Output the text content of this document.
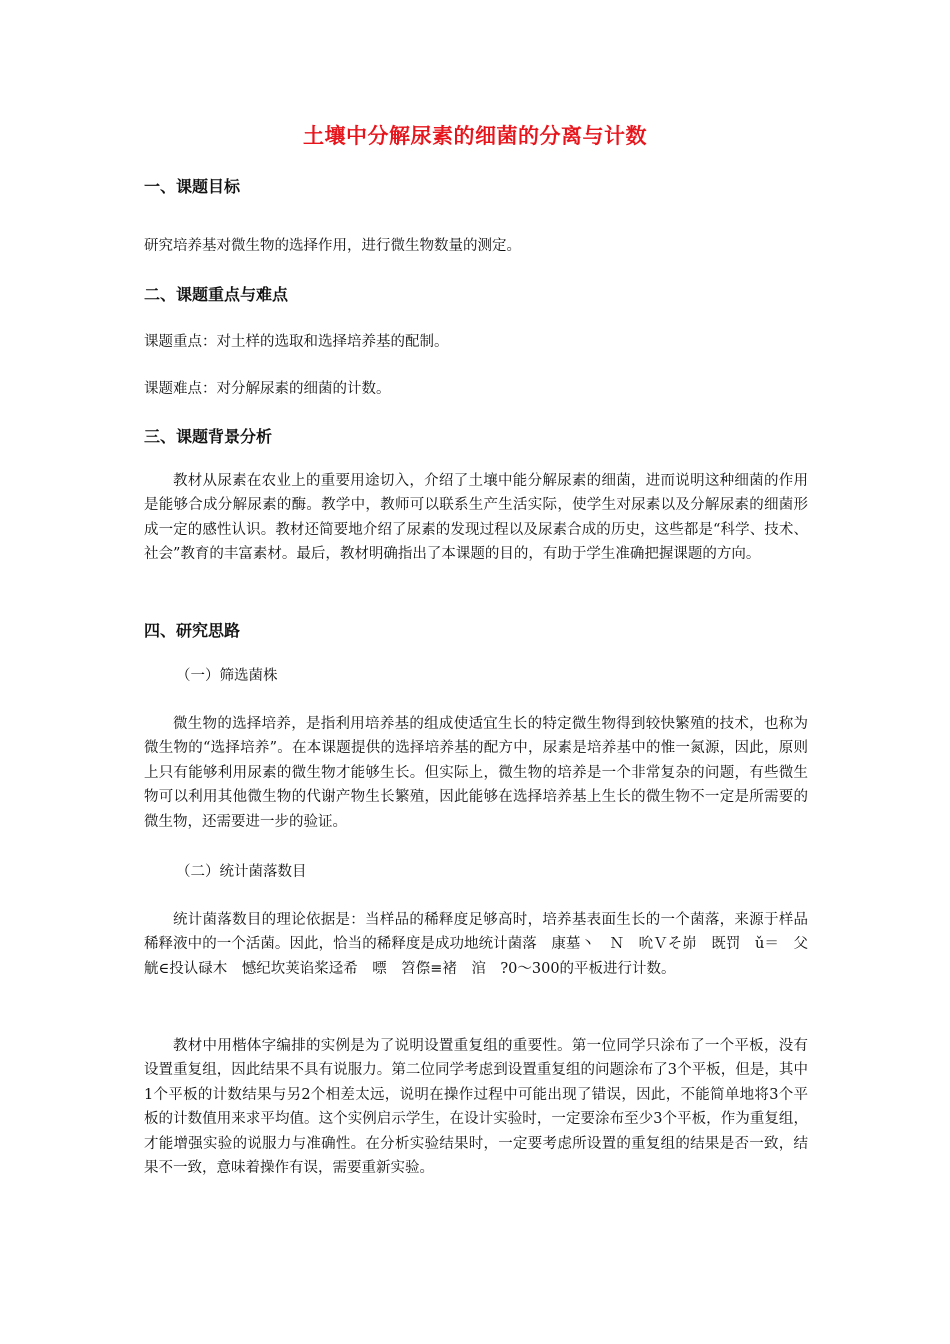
土壤中分解尿素的细菌的分离与计数
一、课题目标
研究培养基对微生物的选择作用，进行微生物数量的测定。
二、课题重点与难点
课题重点：对土样的选取和选择培养基的配制。
课题难点：对分解尿素的细菌的计数。
三、课题背景分析
教材从尿素在农业上的重要用途切入，介绍了土壤中能分解尿素的细菌，进而说明这种细菌的作用是能够合成分解尿素的酶。教学中，教师可以联系生产生活实际，使学生对尿素以及分解尿素的细菌形成一定的感性认识。教材还简要地介绍了尿素的发现过程以及尿素合成的历史，这些都是“科学、技术、社会”教育的丰富素材。最后，教材明确指出了本课题的目的，有助于学生准确把握课题的方向。
四、研究思路
（一）筛选菌株
微生物的选择培养，是指利用培养基的组成使适宜生长的特定微生物得到较快繁殖的技术，也称为微生物的“选择培养”。在本课题提供的选择培养基的配方中，尿素是培养基中的惟一氮源，因此，原则上只有能够利用尿素的微生物才能够生长。但实际上，微生物的培养是一个非常复杂的问题，有些微生物可以利用其他微生物的代谢产物生长繁殖，因此能够在选择培养基上生长的微生物不一定是所需要的微生物，还需要进一步的验证。
（二）统计菌落数目
统计菌落数目的理论依据是：当样品的稀释度足够高时，培养基表面生长的一个菌落，来源于样品稀释液中的一个活菌。因此，恰当的稀释度是成功地统计菌落　康墓丶　Ｎ　吮Ｖそ峁　既罚　ǔ＝　父觥∈投认碌木　憾纪坎荚谄桨迳希　嘌　笤傺≡褚　涫　?0～300的平板进行计数。
教材中用楷体字编排的实例是为了说明设置重复组的重要性。第一位同学只涂布了一个平板，没有设置重复组，因此结果不具有说服力。第二位同学考虑到设置重复组的问题涂布了3个平板，但是，其中1个平板的计数结果与另2个相差太远，说明在操作过程中可能出现了错误，因此，不能简单地将3个平板的计数值用来求平均值。这个实例启示学生，在设计实验时，一定要涂布至少3个平板，作为重复组，才能增强实验的说服力与准确性。在分析实验结果时，一定要考虑所设置的重复组的结果是否一致，结果不一致，意味着操作有误，需要重新实验。
